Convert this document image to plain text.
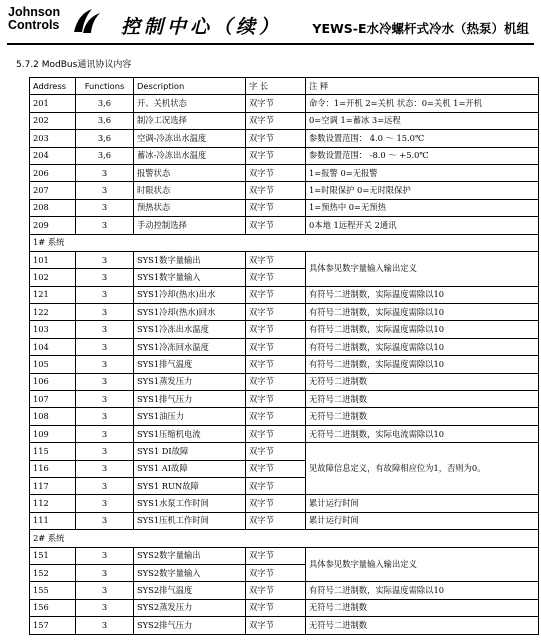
Johnson
Controls	控制中心（续） YEWS-E水冷螺杆式冷水（热泵）机组
5.7.2 ModBus通讯协议内容
Address	Functions	Description	字 长	注 释
201	3,6	开、关机状态	双字节	命令：1=开机 2=关机 状态：0=关机 1=开机
202	3,6	制冷工况选择	双字节	0=空调 1=蓄冰 3=远程
203	3,6	空调-冷冻出水温度	双字节	参数设置范围： 4.0 ～ 15.0℃
204	3,6	蓄冰-冷冻出水温度	双字节	参数设置范围： -8.0 ～ +5.0℃
206	3	报警状态	双字节	1=报警 0=无报警
207	3	时限状态	双字节	1=时限保护 0=无时限保护
208	3	预热状态	双字节	1=预热中 0=无预热
209	3	手动控制选择	双字节	0本地 1远程开关 2通讯
1# 系统				
101	3	SYS1数字量输出	双字节	具体参见数字量输入输出定义
102	3	SYS1数字量输入	双字节	
121	3	SYS1冷却(热水)出水	双字节	有符号二进制数，实际温度需除以10
122	3	SYS1冷却(热水)回水	双字节	有符号二进制数，实际温度需除以10
103	3	SYS1冷冻出水温度	双字节	有符号二进制数，实际温度需除以10
104	3	SYS1冷冻回水温度	双字节	有符号二进制数，实际温度需除以10
105	3	SYS1排气温度	双字节	有符号二进制数，实际温度需除以10
106	3	SYS1蒸发压力	双字节	无符号二进制数
107	3	SYS1排气压力	双字节	无符号二进制数
108	3	SYS1油压力	双字节	无符号二进制数
109	3	SYS1压缩机电流	双字节	无符号二进制数，实际电流需除以10
115	3	SYS1 DI故障	双字节	见故障信息定义，有故障相应位为1，否则为0。
116	3	SYS1 AI故障	双字节	
117	3	SYS1 RUN故障	双字节	
112	3	SYS1水泵工作时间	双字节	累计运行时间
111	3	SYS1压机工作时间	双字节	累计运行时间
2# 系统				
151	3	SYS2数字量输出	双字节	具体参见数字量输入输出定义
152	3	SYS2数字量输入	双字节	
155	3	SYS2排气温度	双字节	有符号二进制数，实际温度需除以10
156	3	SYS2蒸发压力	双字节	无符号二进制数
157	3	SYS2排气压力	双字节	无符号二进制数
